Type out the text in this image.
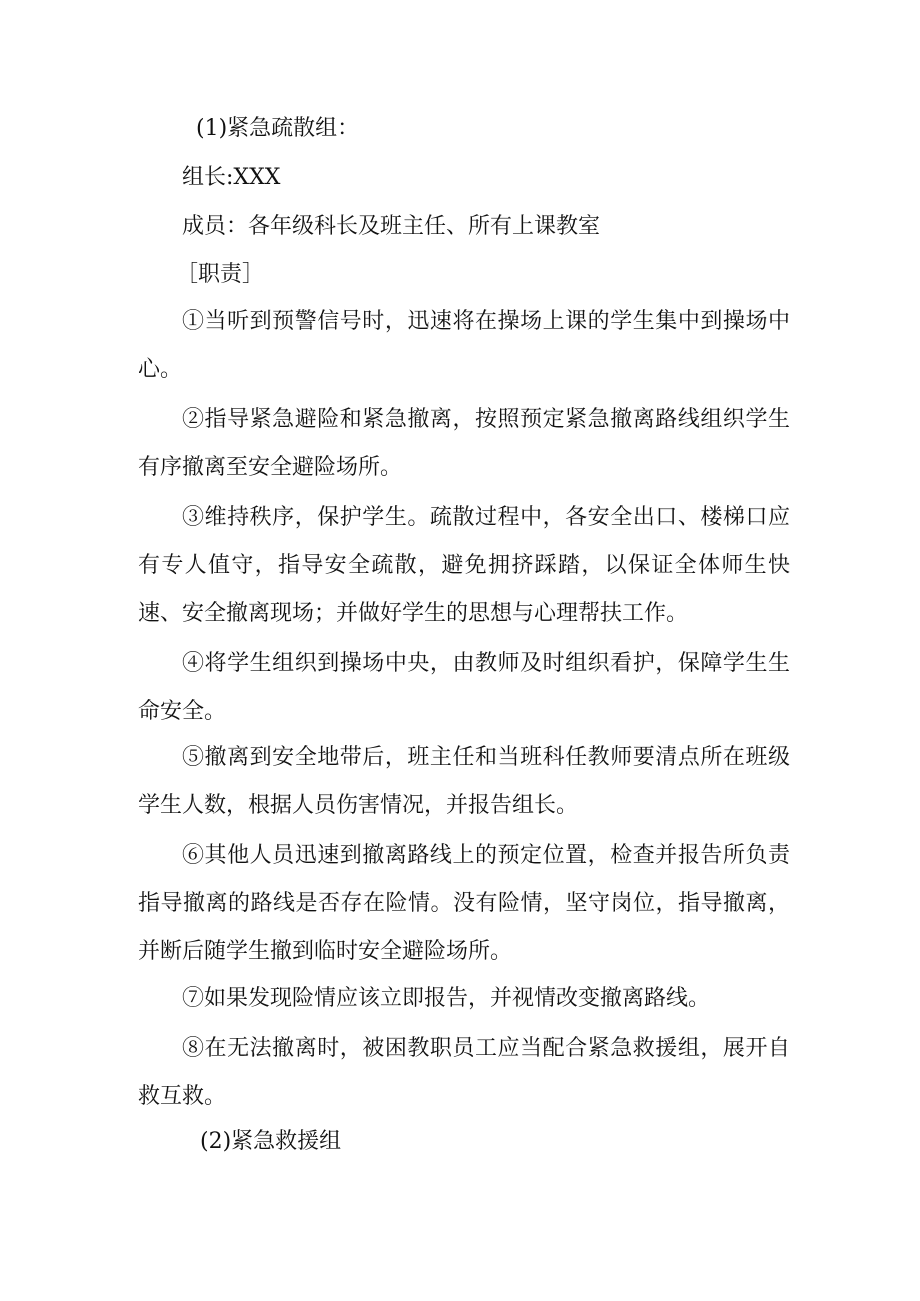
(1)紧急疏散组：
组长:XXX
成员：各年级科长及班主任、所有上课教室
［职责］

①当听到预警信号时，迅速将在操场上课的学生集中到操场中心。

②指导紧急避险和紧急撤离，按照预定紧急撤离路线组织学生有序撤离至安全避险场所。

③维持秩序，保护学生。疏散过程中，各安全出口、楼梯口应有专人值守，指导安全疏散，避免拥挤踩踏，以保证全体师生快速、安全撤离现场；并做好学生的思想与心理帮扶工作。

④将学生组织到操场中央，由教师及时组织看护，保障学生生命安全。

⑤撤离到安全地带后，班主任和当班科任教师要清点所在班级学生人数，根据人员伤害情况，并报告组长。

⑥其他人员迅速到撤离路线上的预定位置，检查并报告所负责指导撤离的路线是否存在险情。没有险情，坚守岗位，指导撤离，并断后随学生撤到临时安全避险场所。

⑦如果发现险情应该立即报告，并视情改变撤离路线。

⑧在无法撤离时，被困教职员工应当配合紧急救援组，展开自救互救。

(2)紧急救援组
